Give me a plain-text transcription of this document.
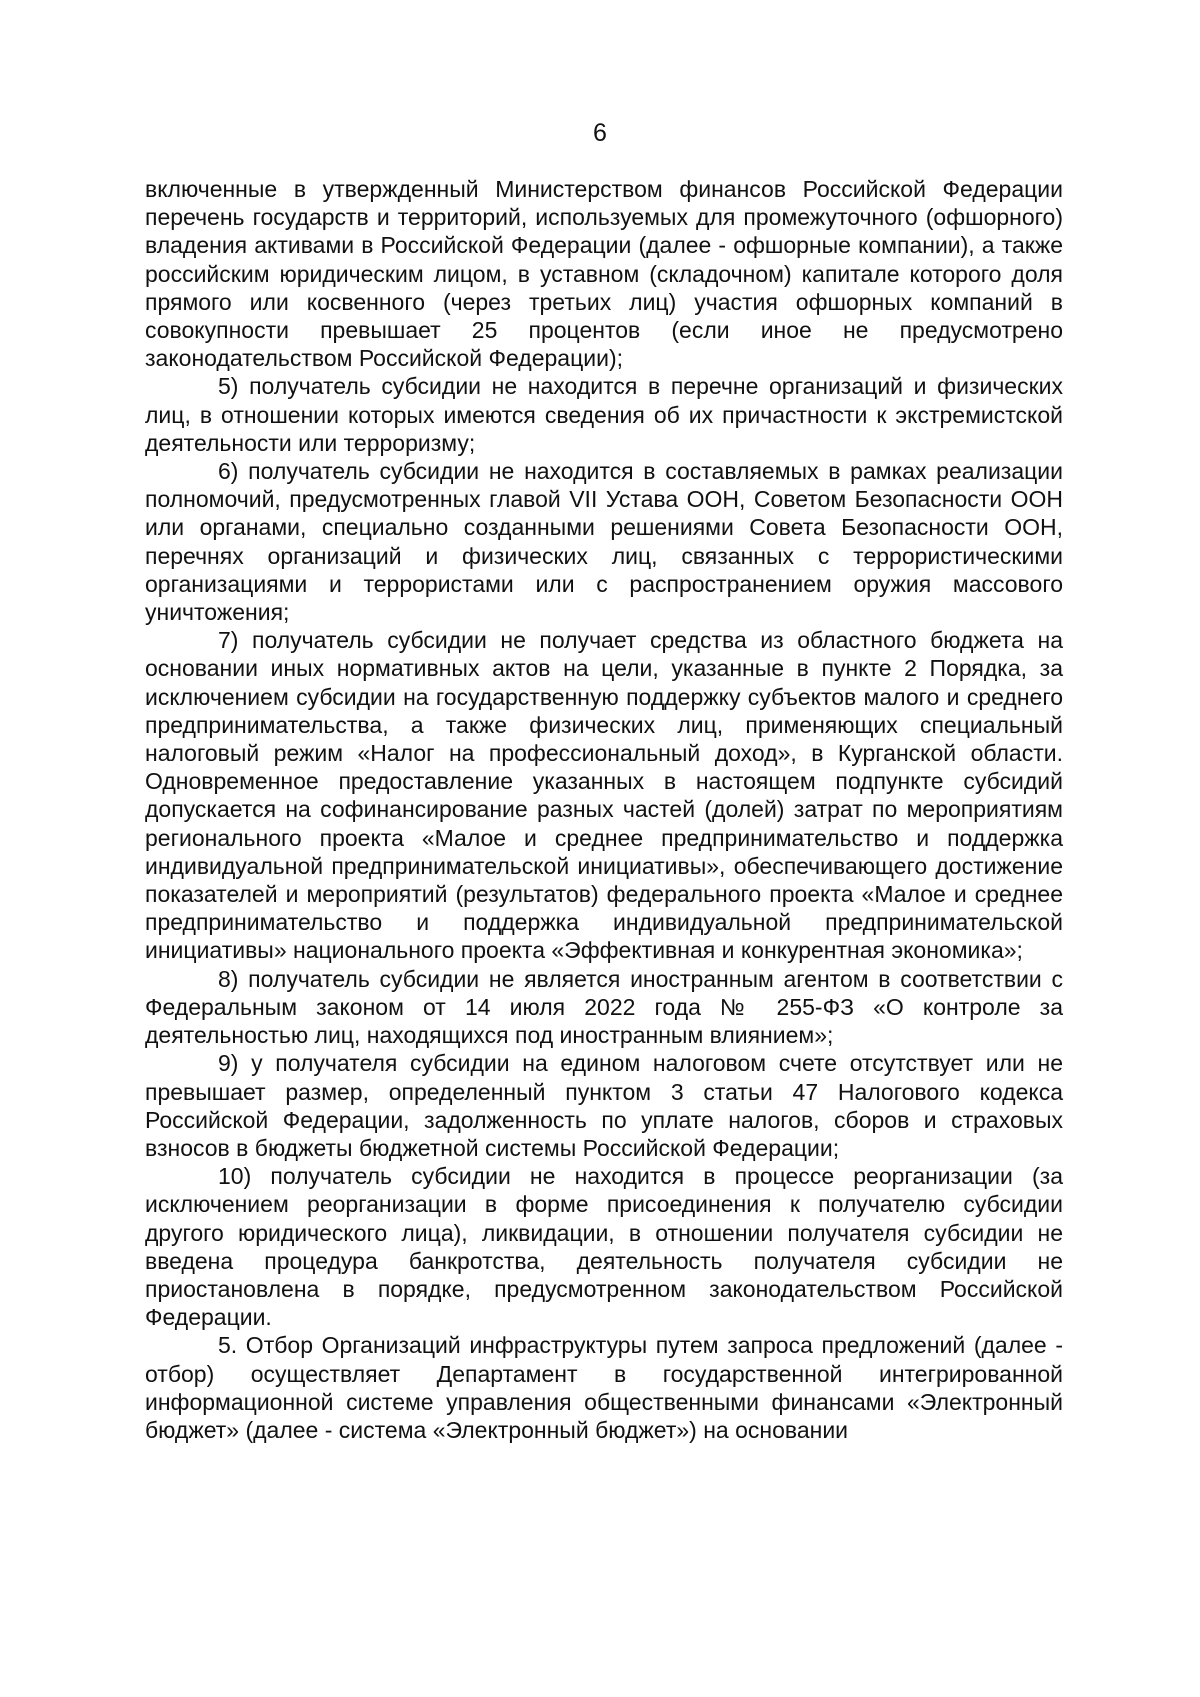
6

включенные в утвержденный Министерством финансов Российской Федерации перечень государств и территорий, используемых для промежуточного (офшорного) владения активами в Российской Федерации (далее - офшорные компании), а также российским юридическим лицом, в уставном (складочном) капитале которого доля прямого или косвенного (через третьих лиц) участия офшорных компаний в совокупности превышает 25 процентов (если иное не предусмотрено законодательством Российской Федерации);

5) получатель субсидии не находится в перечне организаций и физических лиц, в отношении которых имеются сведения об их причастности к экстремистской деятельности или терроризму;

6) получатель субсидии не находится в составляемых в рамках реализации полномочий, предусмотренных главой VII Устава ООН, Советом Безопасности ООН или органами, специально созданными решениями Совета Безопасности ООН, перечнях организаций и физических лиц, связанных с террористическими организациями и террористами или с распространением оружия массового уничтожения;

7) получатель субсидии не получает средства из областного бюджета на основании иных нормативных актов на цели, указанные в пункте 2 Порядка, за исключением субсидии на государственную поддержку субъектов малого и среднего предпринимательства, а также физических лиц, применяющих специальный налоговый режим «Налог на профессиональный доход», в Курганской области. Одновременное предоставление указанных в настоящем подпункте субсидий допускается на софинансирование разных частей (долей) затрат по мероприятиям регионального проекта «Малое и среднее предпринимательство и поддержка индивидуальной предпринимательской инициативы», обеспечивающего достижение показателей и мероприятий (результатов) федерального проекта «Малое и среднее предпринимательство и поддержка индивидуальной предпринимательской инициативы» национального проекта «Эффективная и конкурентная экономика»;

8) получатель субсидии не является иностранным агентом в соответствии с Федеральным законом от 14 июля 2022 года № 255-ФЗ «О контроле за деятельностью лиц, находящихся под иностранным влиянием»;

9) у получателя субсидии на едином налоговом счете отсутствует или не превышает размер, определенный пунктом 3 статьи 47 Налогового кодекса Российской Федерации, задолженность по уплате налогов, сборов и страховых взносов в бюджеты бюджетной системы Российской Федерации;

10) получатель субсидии не находится в процессе реорганизации (за исключением реорганизации в форме присоединения к получателю субсидии другого юридического лица), ликвидации, в отношении получателя субсидии не введена процедура банкротства, деятельность получателя субсидии не приостановлена в порядке, предусмотренном законодательством Российской Федерации.

5. Отбор Организаций инфраструктуры путем запроса предложений (далее - отбор) осуществляет Департамент в государственной интегрированной информационной системе управления общественными финансами «Электронный бюджет» (далее - система «Электронный бюджет») на основании
